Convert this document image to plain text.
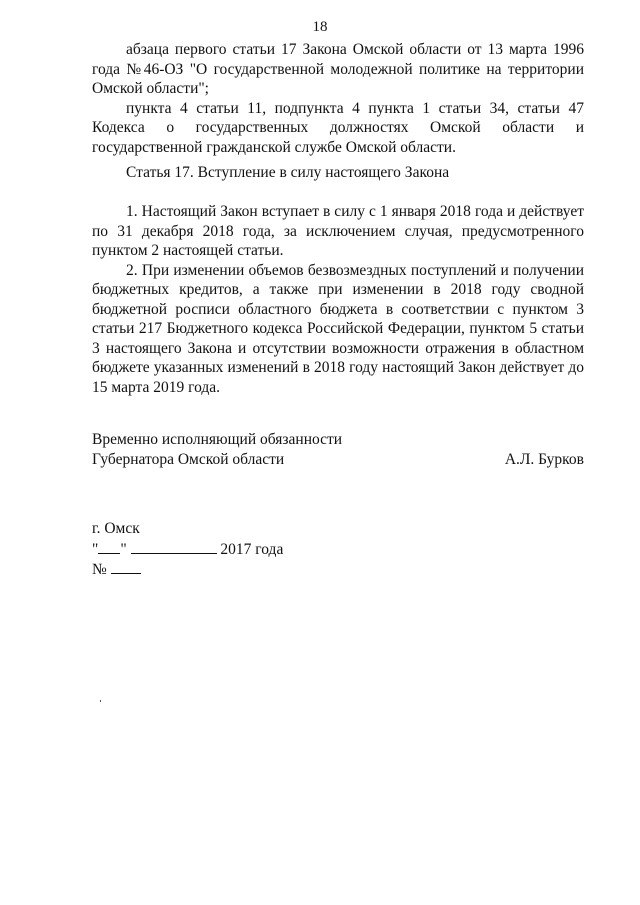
18

абзаца первого статьи 17 Закона Омской области от 13 марта 1996 года №46-ОЗ "О государственной молодежной политике на территории Омской области";

пункта 4 статьи 11, подпункта 4 пункта 1 статьи 34, статьи 47 Кодекса о государственных должностях Омской области и государственной гражданской службе Омской области.

Статья 17. Вступление в силу настоящего Закона

1. Настоящий Закон вступает в силу с 1 января 2018 года и действует по 31 декабря 2018 года, за исключением случая, предусмотренного пунктом 2 настоящей статьи.

2. При изменении объемов безвозмездных поступлений и получении бюджетных кредитов, а также при изменении в 2018 году сводной бюджетной росписи областного бюджета в соответствии с пунктом 3 статьи 217 Бюджетного кодекса Российской Федерации, пунктом 5 статьи 3 настоящего Закона и отсутствии возможности отражения в областном бюджете указанных изменений в 2018 году настоящий Закон действует до 15 марта 2019 года.

Временно исполняющий обязанности
Губернатора Омской области	А.Л. Бурков
г. Омск
" "	2017 года
№
